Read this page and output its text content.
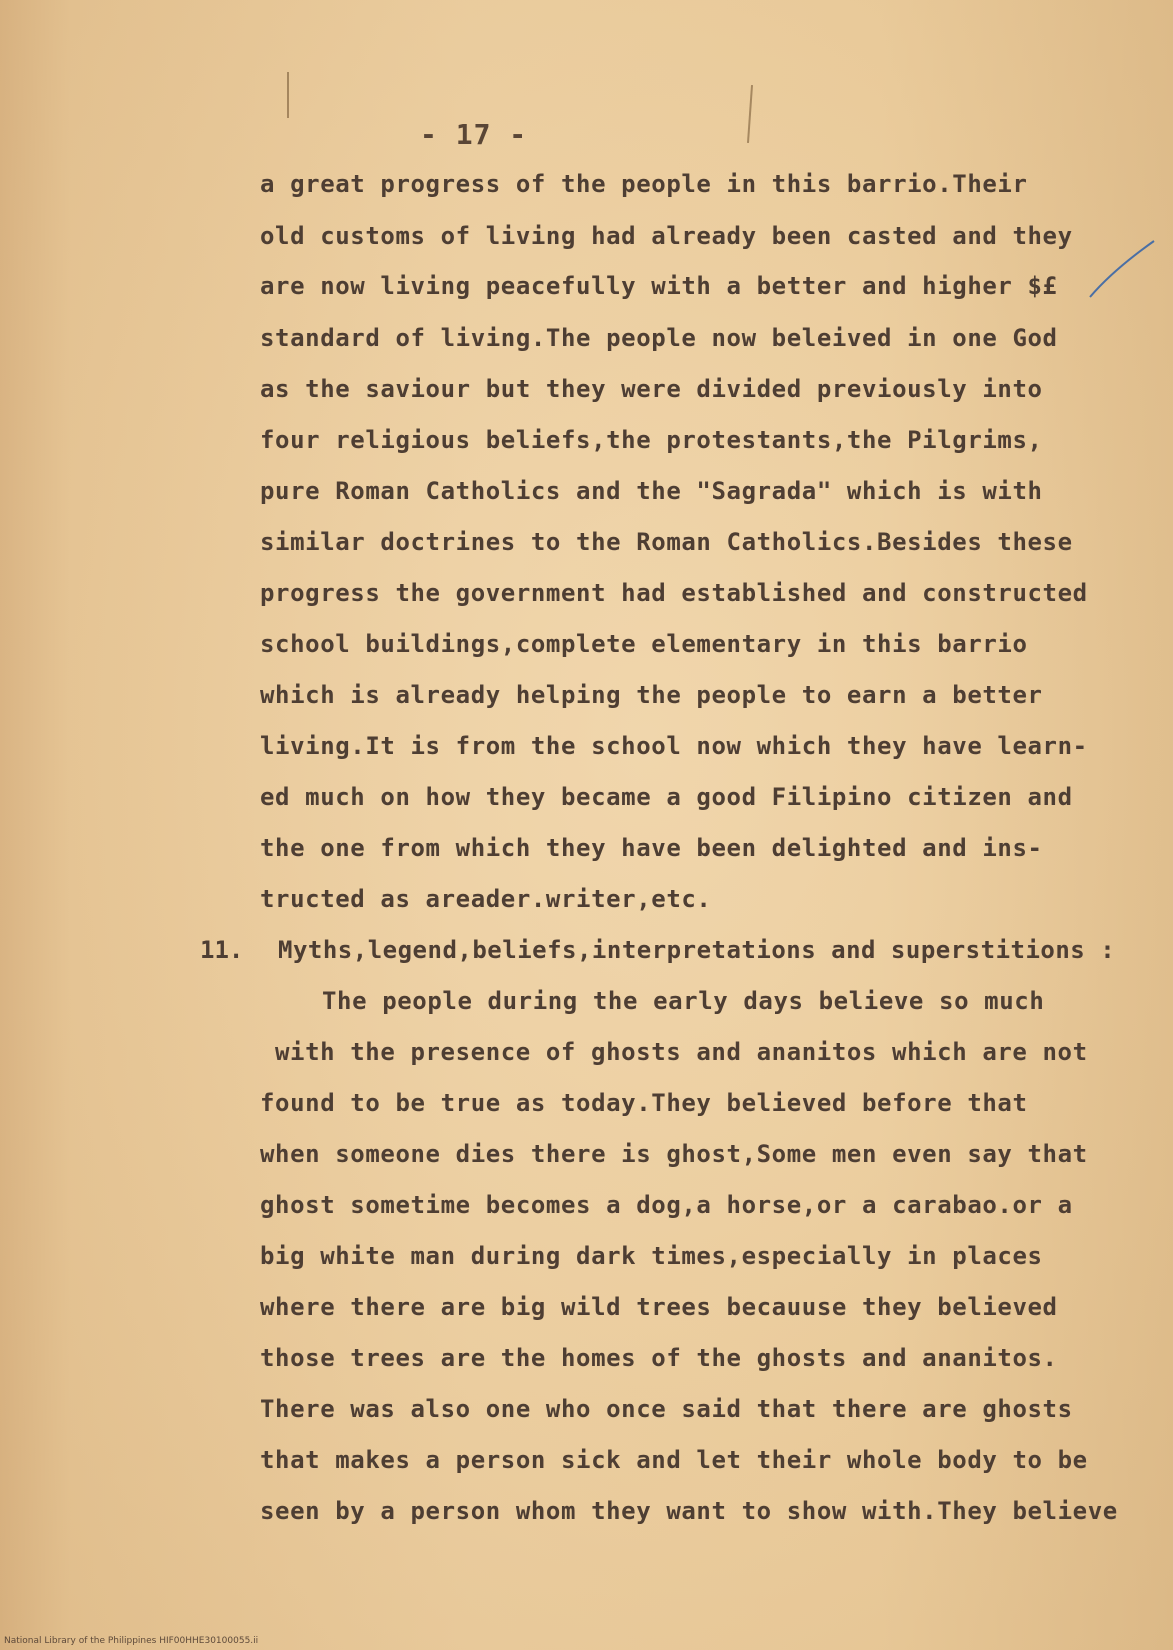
- 17 -
a great progress of the people in this barrio.Their
old customs of living had already been casted and they
are now living peacefully with a better and higher $£
standard of living.The people now beleived in one God
as the saviour but they were divided previously into
four religious beliefs,the protestants,the Pilgrims,
pure Roman Catholics and the "Sagrada" which is with
similar doctrines to the Roman Catholics.Besides these
progress the government had established and constructed
school buildings,complete elementary in this barrio
which is already helping the people to earn a better
living.It is from the school now which they have learn-
ed much on how they became a good Filipino citizen and
the one from which they have been delighted and ins-
tructed as areader.writer,etc.
11. Myths,legend,beliefs,interpretations and superstitions :
The people during the early days believe so much
with the presence of ghosts and ananitos which are not
found to be true as today.They believed before that
when someone dies there is ghost,Some men even say that
ghost sometime becomes a dog,a horse,or a carabao.or a
big white man during dark times,especially in places
where there are big wild trees becauuse they believed
those trees are the homes of the ghosts and ananitos.
There was also one who once said that there are ghosts
that makes a person sick and let their whole body to be
seen by a person whom they want to show with.They believe
National Library of the Philippines HIF00HHE30100055.ii
